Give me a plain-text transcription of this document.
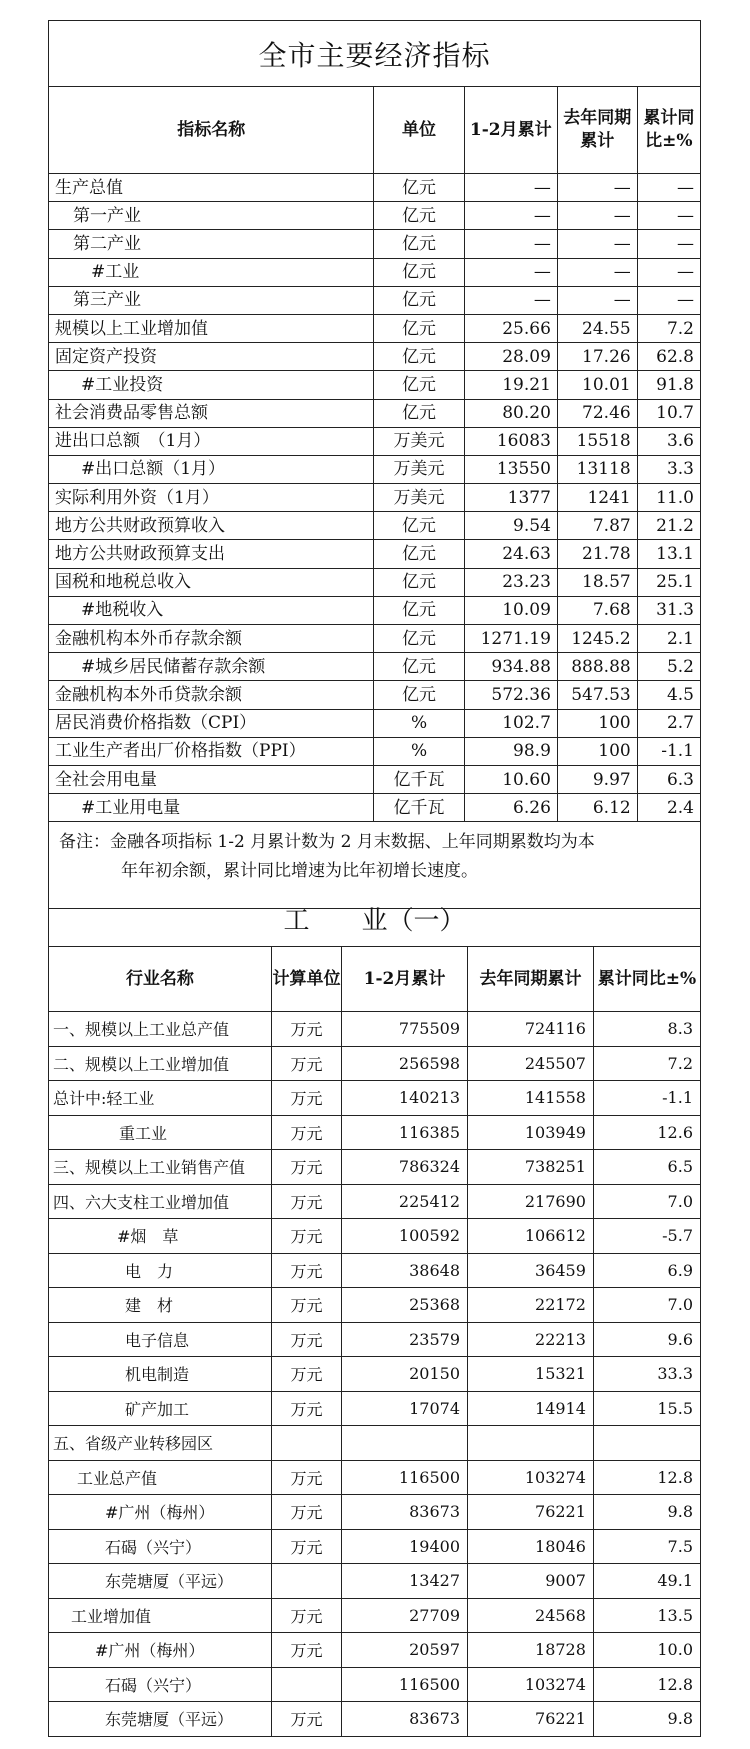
全市主要经济指标				
指标名称	单位	1-2月累计	去年同期累计	累计同比±%
生产总值	亿元	—	—	—
第一产业	亿元	—	—	—
第二产业	亿元	—	—	—
#工业	亿元	—	—	—
第三产业	亿元	—	—	—
规模以上工业增加值	亿元	25.66	24.55	7.2
固定资产投资	亿元	28.09	17.26	62.8
#工业投资	亿元	19.21	10.01	91.8
社会消费品零售总额	亿元	80.20	72.46	10.7
进出口总额　（1月）	万美元	16083	15518	3.6
#出口总额（1月）	万美元	13550	13118	3.3
实际利用外资（1月）	万美元	1377	1241	11.0
地方公共财政预算收入	亿元	9.54	7.87	21.2
地方公共财政预算支出	亿元	24.63	21.78	13.1
国税和地税总收入	亿元	23.23	18.57	25.1
#地税收入	亿元	10.09	7.68	31.3
金融机构本外币存款余额	亿元	1271.19	1245.2	2.1
#城乡居民储蓄存款余额	亿元	934.88	888.88	5.2
金融机构本外币贷款余额	亿元	572.36	547.53	4.5
居民消费价格指数（CPI）	%	102.7	100	2.7
工业生产者出厂价格指数（PPI）	%	98.9	100	-1.1
全社会用电量	亿千瓦	10.60	9.97	6.3
#工业用电量	亿千瓦	6.26	6.12	2.4
备注：金融各项指标 1-2 月累计数为 2 月末数据、上年同期累数均为本
年年初余额，累计同比增速为比年初增长速度。				
工　　业（一）				
行业名称	计算单位	1-2月累计	去年同期累计	累计同比±%
一、规模以上工业总产值	万元	775509	724116	8.3
二、规模以上工业增加值	万元	256598	245507	7.2
总计中:轻工业	万元	140213	141558	-1.1
重工业	万元	116385	103949	12.6
三、规模以上工业销售产值	万元	786324	738251	6.5
四、六大支柱工业增加值	万元	225412	217690	7.0
#烟　草	万元	100592	106612	-5.7
电　力	万元	38648	36459	6.9
建　材	万元	25368	22172	7.0
电子信息	万元	23579	22213	9.6
机电制造	万元	20150	15321	33.3
矿产加工	万元	17074	14914	15.5
五、省级产业转移园区				
工业总产值	万元	116500	103274	12.8
#广州（梅州）	万元	83673	76221	9.8
石碣（兴宁）	万元	19400	18046	7.5
东莞塘厦（平远）		13427	9007	49.1
工业增加值	万元	27709	24568	13.5
#广州（梅州）	万元	20597	18728	10.0
石碣（兴宁）		116500	103274	12.8
东莞塘厦（平远）	万元	83673	76221	9.8
